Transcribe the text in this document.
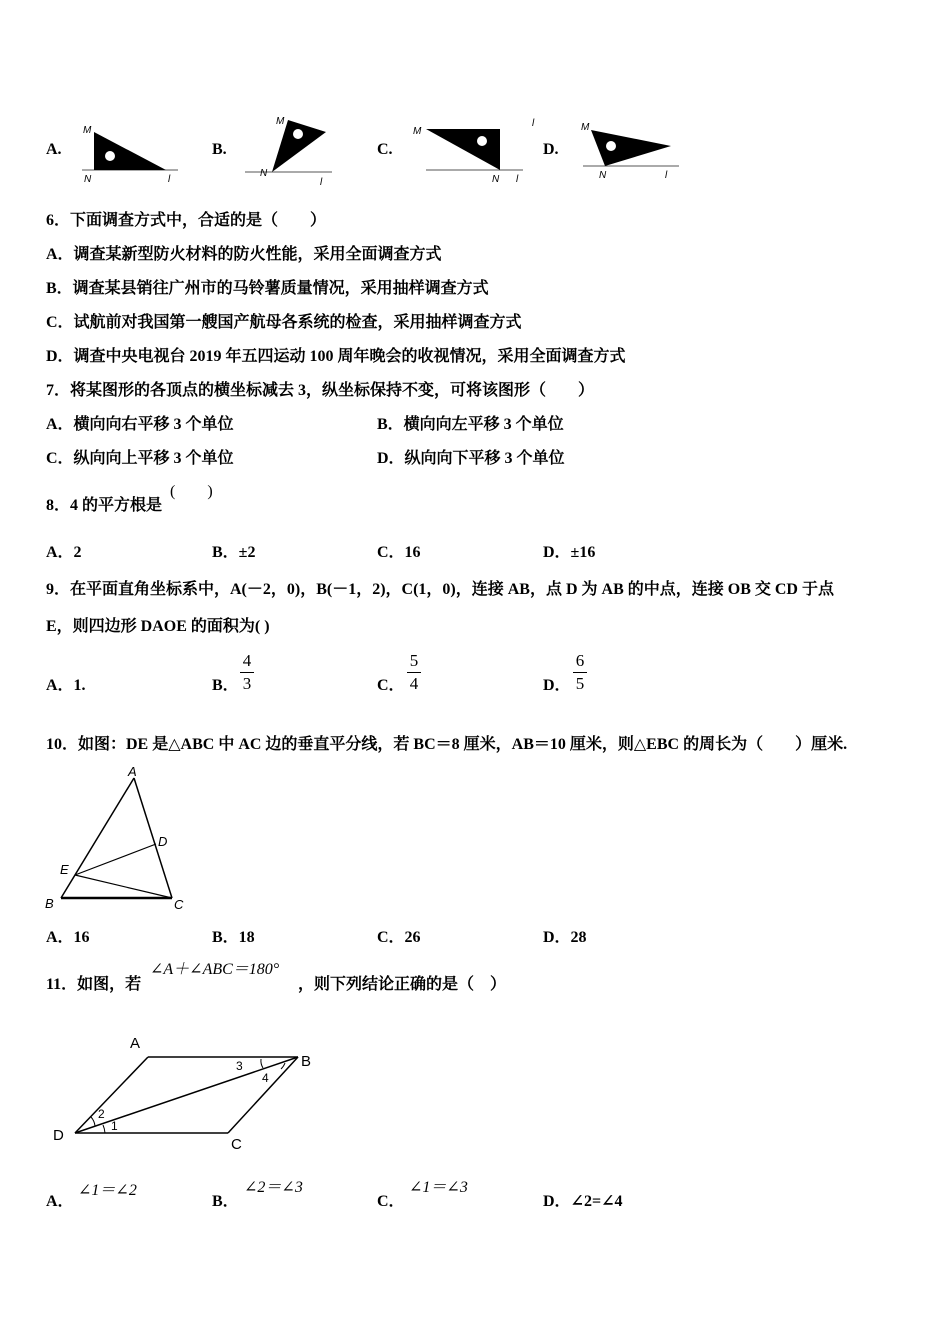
A.	B.	C.	D.
M
N	l
M
N
l
M
N l
l	M
N	l
6．下面调查方式中，合适的是（　　）
A．调查某新型防火材料的防火性能，采用全面调查方式
B．调查某县销往广州市的马铃薯质量情况，采用抽样调查方式
C．试航前对我国第一艘国产航母各系统的检查，采用抽样调查方式
D．调查中央电视台 2019 年五四运动 100 周年晚会的收视情况，采用全面调查方式
7．将某图形的各顶点的横坐标减去 3，纵坐标保持不变，可将该图形（　　）
A．横向向右平移 3 个单位	B．横向向左平移 3 个单位
C．纵向向上平移 3 个单位	D．纵向向下平移 3 个单位
8．4 的平方根是
(　　)
A．2	B．±2	C．16	D．±16
9．在平面直角坐标系中，A(－2，0)，B(－1，2)，C(1，0)，连接 AB，点 D 为 AB 的中点，连接 OB 交 CD 于点
E，则四边形 DAOE 的面积为( )
A．1.	B．
4
3	C．
5
4	D．
6
5
10．如图：DE 是△ABC 中 AC 边的垂直平分线，若 BC＝8 厘米，AB＝10 厘米，则△EBC 的周长为（　　）厘米.
A
B	C
D
E
A．16	B．18	C．26	D．28
11．如图，若
∠A＋∠ABC＝180°
，则下列结论正确的是（　）
A
B
C
D
1
2
3
4
A．
∠1＝∠2
B．
∠2＝∠3
C．
∠1＝∠3
D．∠2=∠4
